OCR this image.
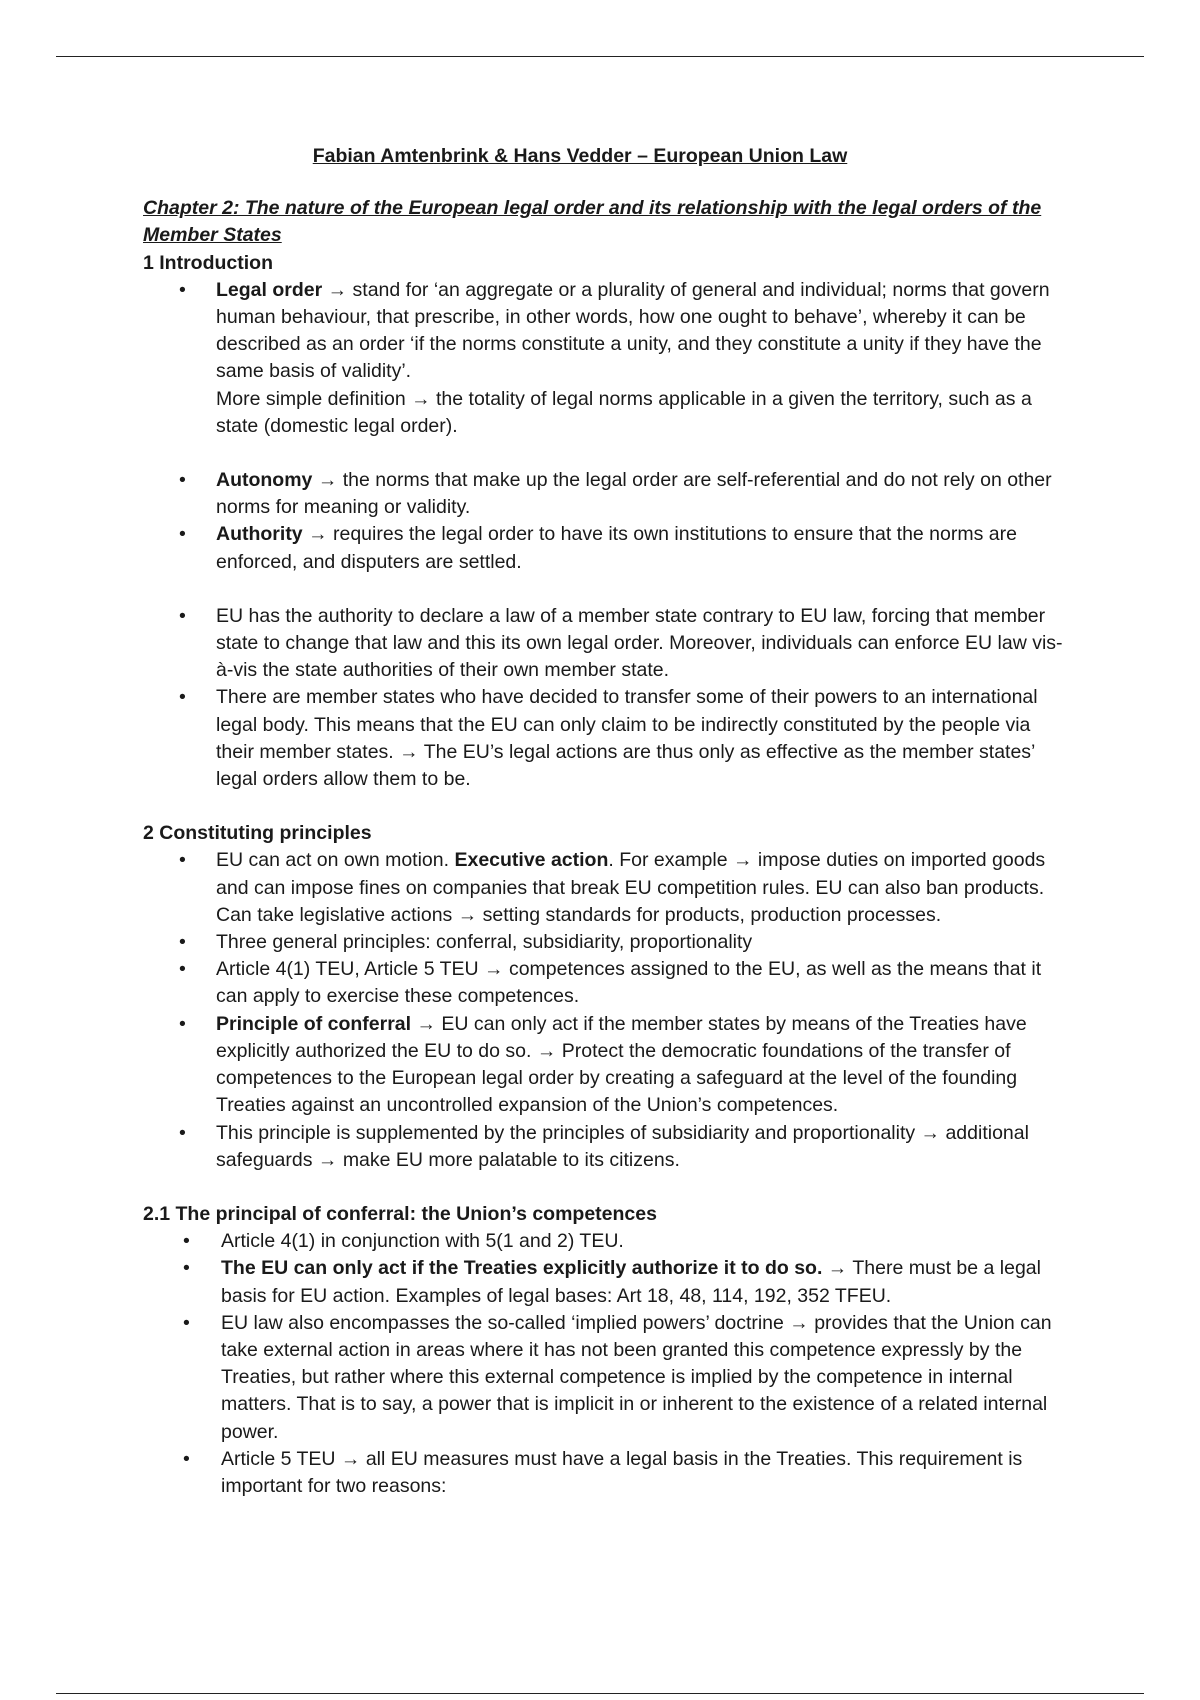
Fabian Amtenbrink & Hans Vedder – European Union Law
Chapter 2: The nature of the European legal order and its relationship with the legal orders of the
Member States
1 Introduction
• Legal order → stand for ‘an aggregate or a plurality of general and individual; norms that govern human behaviour, that prescribe, in other words, how one ought to behave’, whereby it can be described as an order ‘if the norms constitute a unity, and they constitute a unity if they have the same basis of validity’.
More simple definition → the totality of legal norms applicable in a given the territory, such as a state (domestic legal order).
• Autonomy → the norms that make up the legal order are self-referential and do not rely on other norms for meaning or validity.
• Authority → requires the legal order to have its own institutions to ensure that the norms are enforced, and disputers are settled.
• EU has the authority to declare a law of a member state contrary to EU law, forcing that member state to change that law and this its own legal order. Moreover, individuals can enforce EU law vis-à-vis the state authorities of their own member state.
• There are member states who have decided to transfer some of their powers to an international legal body. This means that the EU can only claim to be indirectly constituted by the people via their member states. → The EU’s legal actions are thus only as effective as the member states’ legal orders allow them to be.
2 Constituting principles
• EU can act on own motion. Executive action. For example → impose duties on imported goods and can impose fines on companies that break EU competition rules. EU can also ban products. Can take legislative actions → setting standards for products, production processes.
• Three general principles: conferral, subsidiarity, proportionality
• Article 4(1) TEU, Article 5 TEU → competences assigned to the EU, as well as the means that it can apply to exercise these competences.
• Principle of conferral → EU can only act if the member states by means of the Treaties have explicitly authorized the EU to do so. → Protect the democratic foundations of the transfer of competences to the European legal order by creating a safeguard at the level of the founding Treaties against an uncontrolled expansion of the Union’s competences.
• This principle is supplemented by the principles of subsidiarity and proportionality → additional safeguards → make EU more palatable to its citizens.
2.1 The principal of conferral: the Union’s competences
• Article 4(1) in conjunction with 5(1 and 2) TEU.
• The EU can only act if the Treaties explicitly authorize it to do so. → There must be a legal basis for EU action. Examples of legal bases: Art 18, 48, 114, 192, 352 TFEU.
• EU law also encompasses the so-called ‘implied powers’ doctrine → provides that the Union can take external action in areas where it has not been granted this competence expressly by the Treaties, but rather where this external competence is implied by the competence in internal matters. That is to say, a power that is implicit in or inherent to the existence of a related internal power.
• Article 5 TEU → all EU measures must have a legal basis in the Treaties. This requirement is important for two reasons:
